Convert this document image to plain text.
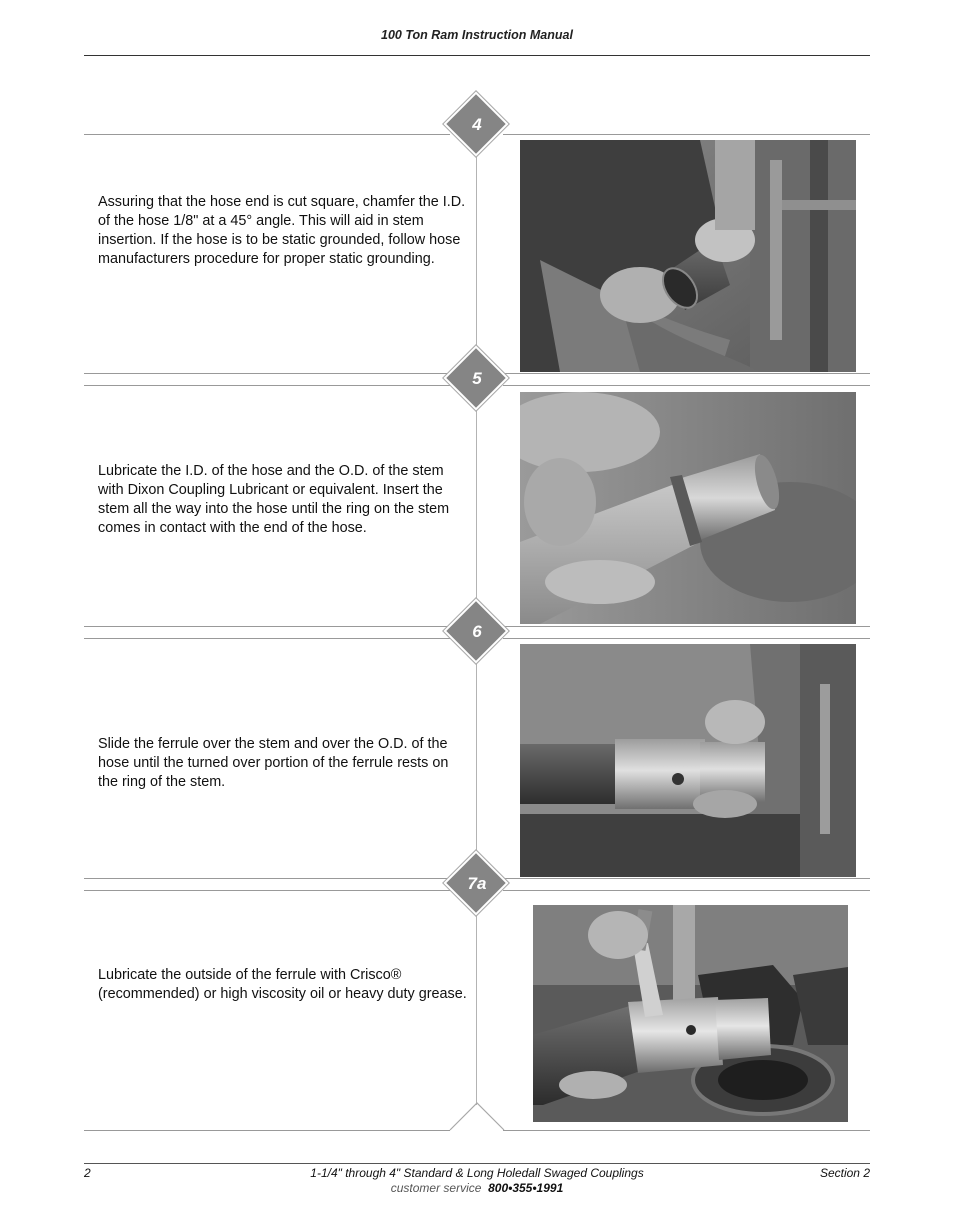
100 Ton Ram Instruction Manual
4
5
6
7a
Assuring that the hose end is cut square, chamfer the I.D. of the hose 1/8" at a 45° angle. This will aid in stem insertion. If the hose is to be static grounded, follow hose manufacturers procedure for proper static grounding.
Lubricate the I.D. of the hose and the O.D. of the stem with Dixon Coupling Lubricant or equivalent. Insert the stem all the way into the hose until the ring on the stem comes in contact with the end of the hose.
Slide the ferrule over the stem and over the O.D. of the hose until the turned over portion of the ferrule rests on the ring of the stem.
Lubricate the outside of the ferrule with Crisco® (recommended) or high viscosity oil or heavy duty grease.
2	1-1/4" through 4" Standard & Long Holedall Swaged Couplings
customer service 800•355•1991
Section 2
